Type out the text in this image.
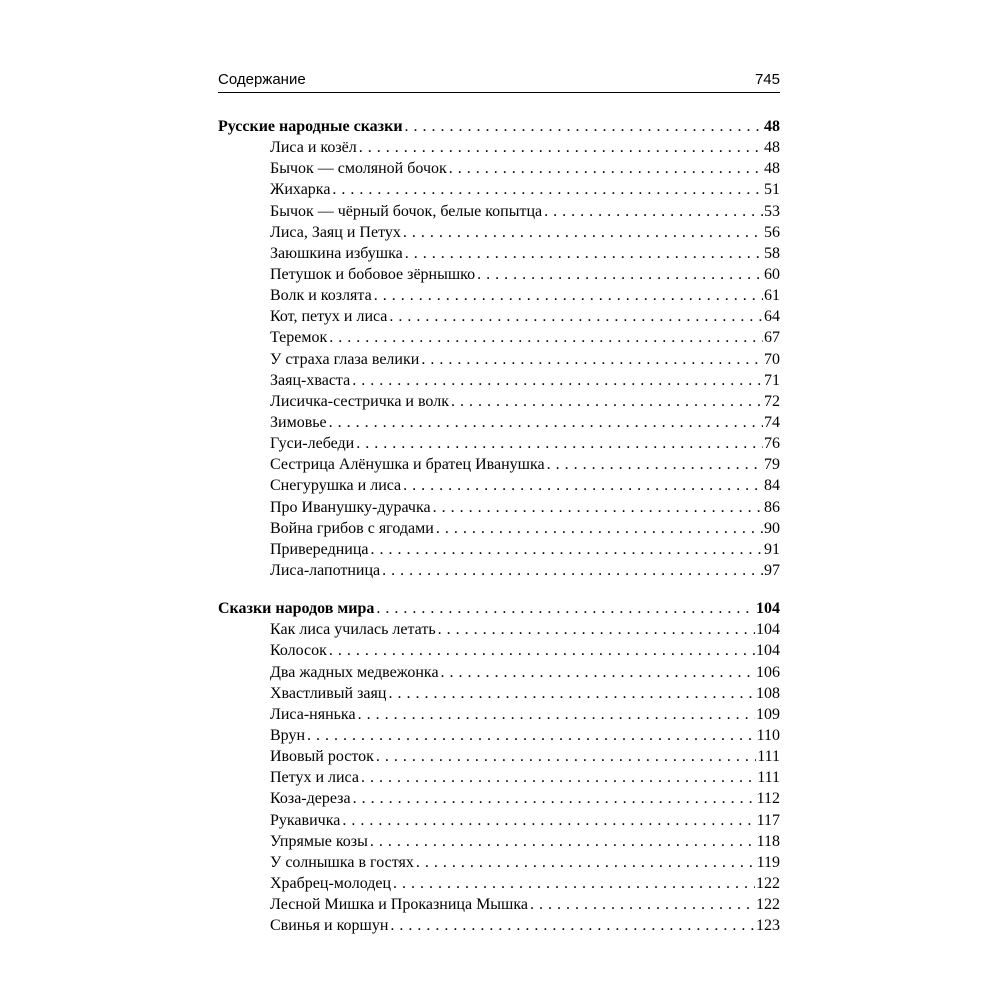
Содержание	745
Русские народные сказки . . .	48
Лиса и козёл . . .	48
Бычок — смоляной бочок . . .	48
Жихарка . . .	51
Бычок — чёрный бочок, белые копытца . . .	53
Лиса, Заяц и Петух . . .	56
Заюшкина избушка . . .	58
Петушок и бобовое зёрнышко . . .	60
Волк и козлята . . .	61
Кот, петух и лиса . . .	64
Теремок . . .	67
У страха глаза велики . . .	70
Заяц-хваста . . .	71
Лисичка-сестричка и волк . . .	72
Зимовье . . .	74
Гуси-лебеди . . .	76
Сестрица Алёнушка и братец Иванушка . . .	79
Снегурушка и лиса . . .	84
Про Иванушку-дурачка . . .	86
Война грибов с ягодами . . .	90
Привередница . . .	91
Лиса-лапотница . . .	97
Сказки народов мира . . .	104
Как лиса училась летать . . .	104
Колосок . . .	104
Два жадных медвежонка . . .	106
Хвастливый заяц . . .	108
Лиса-нянька . . .	109
Врун . . .	110
Ивовый росток . . .	111
Петух и лиса . . .	111
Коза-дереза . . .	112
Рукавичка . . .	117
Упрямые козы . . .	118
У солнышка в гостях . . .	119
Храбрец-молодец . . .	122
Лесной Мишка и Проказница Мышка . . .	122
Свинья и коршун . . .	123
